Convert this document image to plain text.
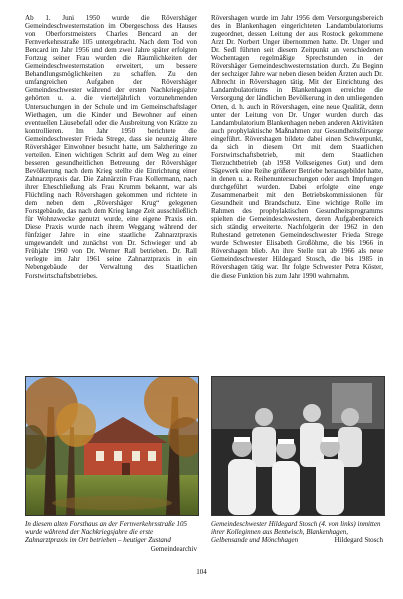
Ab 1. Juni 1950 wurde die Rövershäger Gemeindeschwesternstation im Obergeschoss des Hauses von Oberforstmeisters Charles Bencard an der Fernverkehrsstraße 105 untergebracht. Nach dem Tod von Bencard im Jahr 1956 und dem zwei Jahre später erfolgten Fortzug seiner Frau wurden die Räumlichkeiten der Gemeindeschwesternstation erweitert, um bessere Behandlungsmöglichkeiten zu schaffen. Zu den umfangreichen Aufgaben der Rövershäger Gemeindeschwester während der ersten Nachkriegsjahre gehörten u. a. die vierteljährlich vorzunehmenden Untersuchungen in der Schule und im Gemeinschaftslager Wiethagen, um die Kinder und Bewohner auf einen eventuellen Läusebefall oder die Ausbreitung von Krätze zu kontrollieren. Im Jahr 1950 berichtete die Gemeindeschwester Frieda Strege, dass sie neunzig ältere Rövershäger Einwohner besucht hatte, um Salzheringe zu verteilen. Einen wichtigen Schritt auf dem Weg zu einer besseren gesundheitlichen Betreuung der Rövershäger Bevölkerung nach dem Krieg stellte die Einrichtung einer Zahnarztpraxis dar. Die Zahnärztin Frau Kollermann, nach ihrer Eheschließung als Frau Krumm bekannt, war als Flüchtling nach Rövershagen gekommen und richtete in dem neben dem „Rövershäger Krug“ gelegenen Forstgebäude, das nach dem Krieg lange Zeit ausschließlich für Wohnzwecke genutzt wurde, eine eigene Praxis ein. Diese Praxis wurde nach ihrem Weggang während der fünfziger Jahre in eine staatliche Zahnarztpraxis umgewandelt und zunächst von Dr. Schwieger und ab Frühjahr 1960 von Dr. Werner Rall betrieben. Dr. Rall verlegte im Jahr 1961 seine Zahnarztpraxis in ein Nebengebäude der Verwaltung des Staatlichen Forstwirtschaftsbetriebes.

Rövershagen wurde im Jahr 1956 dem Versorgungsbereich des in Blankenhagen eingerichteten Landambulatoriums zugeordnet, dessen Leitung der aus Rostock gekommene Arzt Dr. Norbert Unger übernommen hatte. Dr. Unger und Dr. Sedl führten seit diesem Zeitpunkt an verschiedenen Wochentagen regelmäßige Sprechstunden in der Rövershäger Gemeindeschwesternstation durch. Zu Beginn der sechziger Jahre war neben diesen beiden Ärzten auch Dr. Albrecht in Rövershagen tätig. Mit der Einrichtung des Landambulatoriums in Blankenhagen erreichte die Versorgung der ländlichen Bevölkerung in den umliegenden Orten, d. h. auch in Rövershagen, eine neue Qualität, denn unter der Leitung von Dr. Unger wurden durch das Landambulatorium Blankenhagen neben anderen Aktivitäten auch prophylaktische Maßnahmen zur Gesundheitsfürsorge eingeführt. Rövershagen bildete dabei einen Schwerpunkt, da sich in diesem Ort mit dem Staatlichen Forstwirtschaftsbetrieb, mit dem Staatlichen Tierzuchtbetrieb (ab 1958 Volkseigenes Gut) und dem Sägewerk eine Reihe größerer Betriebe herausgebildet hatte, in denen u. a. Reihenuntersuchungen oder auch Impfungen durchgeführt wurden. Dabei erfolgte eine enge Zusammenarbeit mit den Betriebskommissionen für Gesundheit und Brandschutz. Eine wichtige Rolle im Rahmen des prophylaktischen Gesundheitsprogramms spielten die Gemeindeschwestern, deren Aufgabenbereich sich ständig erweiterte. Nachfolgerin der 1962 in den Ruhestand getretenen Gemeindeschwester Frieda Strege wurde Schwester Elisabeth Großöhme, die bis 1966 in Rövershagen blieb. An ihre Stelle trat ab 1966 als neue Gemeindeschwester Hildegard Stosch, die bis 1985 in Rövershagen tätig war. Ihr folgte Schwester Petra Köster, die diese Funktion bis zum Jahr 1990 wahrnahm.

In diesem alten Forsthaus an der Fernverkehrsstraße 105 wurde während der Nachkriegsjahre die erste Zahnarztpraxis im Ort betrieben – heutiger Zustand
Gemeindearchiv
Gemeindeschwester Hildegard Stosch (4. von links) inmitten ihrer Kolleginnen aus Bentwisch, Blankenhagen, Gelbensande und Mönchhagen	Hildegard Stosch
104
